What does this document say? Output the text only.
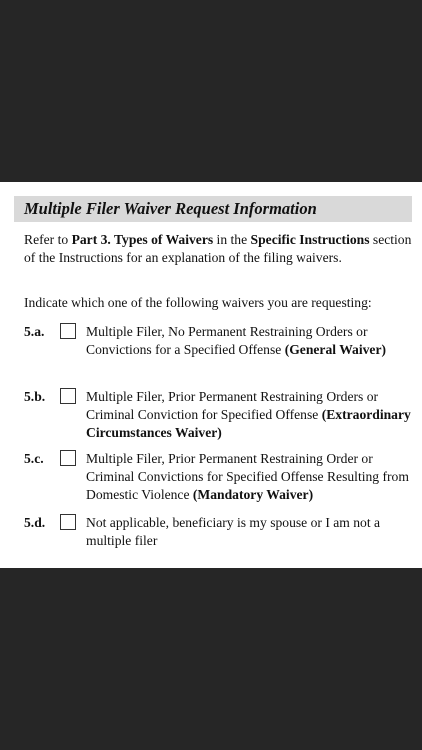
Multiple Filer Waiver Request Information
Refer to Part 3. Types of Waivers in the Specific Instructions section of the Instructions for an explanation of the filing waivers.
Indicate which one of the following waivers you are requesting:
5.a.	Multiple Filer, No Permanent Restraining Orders or Convictions for a Specified Offense (General Waiver)
5.b.	Multiple Filer, Prior Permanent Restraining Orders or Criminal Conviction for Specified Offense (Extraordinary Circumstances Waiver)
5.c.	Multiple Filer, Prior Permanent Restraining Order or Criminal Convictions for Specified Offense Resulting from Domestic Violence (Mandatory Waiver)
5.d.	Not applicable, beneficiary is my spouse or I am not a multiple filer
